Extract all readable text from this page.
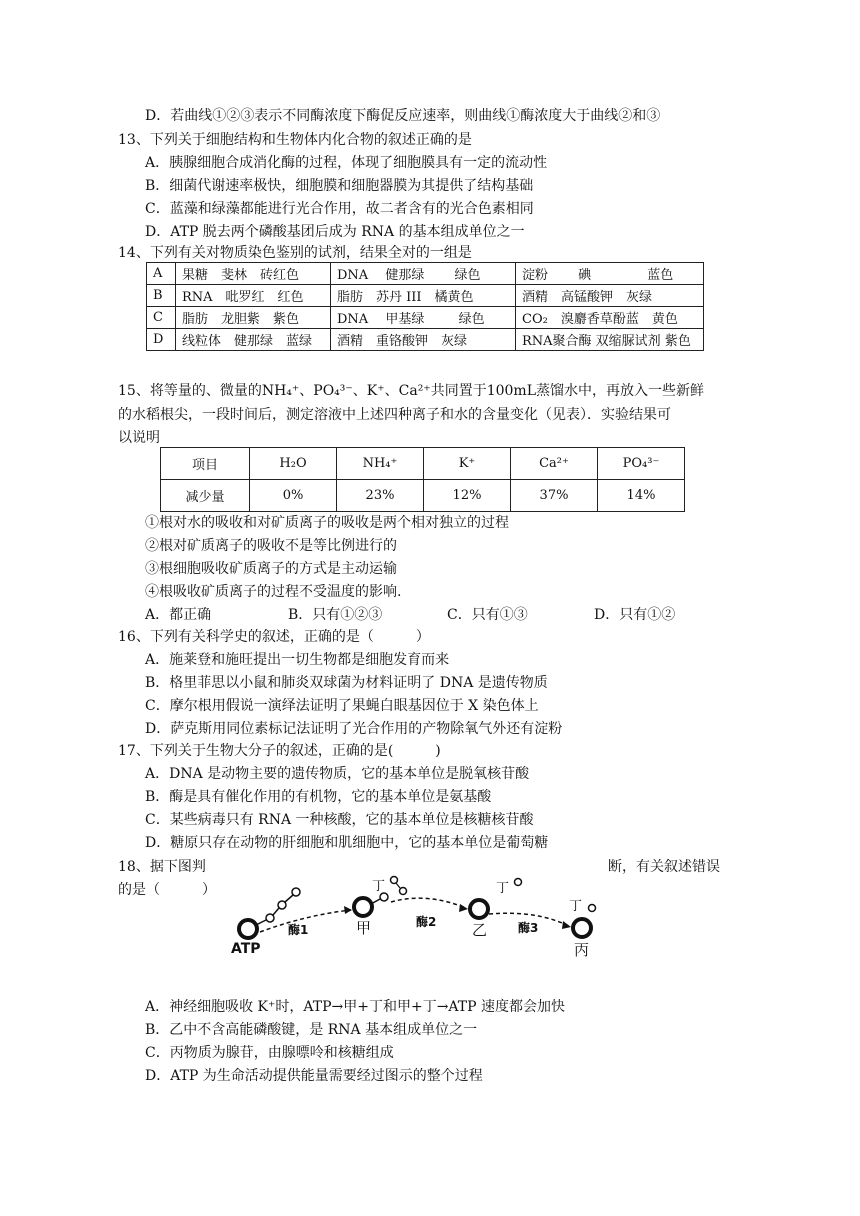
D．若曲线①②③表示不同酶浓度下酶促反应速率，则曲线①酶浓度大于曲线②和③
13、下列关于细胞结构和生物体内化合物的叙述正确的是
A．胰腺细胞合成消化酶的过程，体现了细胞膜具有一定的流动性
B．细菌代谢速率极快，细胞膜和细胞器膜为其提供了结构基础
C．蓝藻和绿藻都能进行光合作用，故二者含有的光合色素相同
D．ATP 脱去两个磷酸基团后成为 RNA 的基本组成单位之一
14、下列有关对物质染色鉴别的试剂，结果全对的一组是
A	果糖　斐林　砖红色	DNA　 健那绿　 　绿色	淀粉　 　碘　　 　　蓝色
B	RNA　吡罗红　红色	脂肪　苏丹 III　橘黄色	酒精　高锰酸钾　灰绿
C	脂肪　龙胆紫　紫色	DNA　 甲基绿　 　 绿色	CO₂　溴麝香草酚蓝　黄色
D	线粒体　健那绿　蓝绿	酒精　重铬酸钾　灰绿	RNA聚合酶 双缩脲试剂 紫色
15、将等量的、微量的NH₄⁺、PO₄³⁻、K⁺、Ca²⁺共同置于100mL蒸馏水中，再放入一些新鲜
的水稻根尖，一段时间后，测定溶液中上述四种离子和水的含量变化（见表）．实验结果可
以说明
项目	H₂O	NH₄⁺	K⁺	Ca²⁺	PO₄³⁻
减少量	0%	23%	12%	37%	14%
①根对水的吸收和对矿质离子的吸收是两个相对独立的过程
②根对矿质离子的吸收不是等比例进行的
③根细胞吸收矿质离子的方式是主动运输
④根吸收矿质离子的过程不受温度的影响.
A．都正确	B．只有①②③	C．只有①③	D．只有①②
16、下列有关科学史的叙述，正确的是（　　　）
A．施莱登和施旺提出一切生物都是细胞发育而来
B．格里菲思以小鼠和肺炎双球菌为材料证明了 DNA 是遗传物质
C．摩尔根用假说一演绎法证明了果蝇白眼基因位于 X 染色体上
D．萨克斯用同位素标记法证明了光合作用的产物除氧气外还有淀粉
17、下列关于生物大分子的叙述，正确的是(　　　)
A．DNA 是动物主要的遗传物质，它的基本单位是脱氧核苷酸
B．酶是具有催化作用的有机物，它的基本单位是氨基酸
C．某些病毒只有 RNA 一种核酸，它的基本单位是核糖核苷酸
D．糖原只存在动物的肝细胞和肌细胞中，它的基本单位是葡萄糖
18、据下图判	断，有关叙述错误
的是（　　　）
ATP
酶1	甲
丁
酶2 乙
丁
酶3
丙
丁
A．神经细胞吸收 K⁺时，ATP→甲+丁和甲+丁→ATP 速度都会加快
B．乙中不含高能磷酸键，是 RNA 基本组成单位之一
C．丙物质为腺苷，由腺嘌呤和核糖组成
D．ATP 为生命活动提供能量需要经过图示的整个过程
